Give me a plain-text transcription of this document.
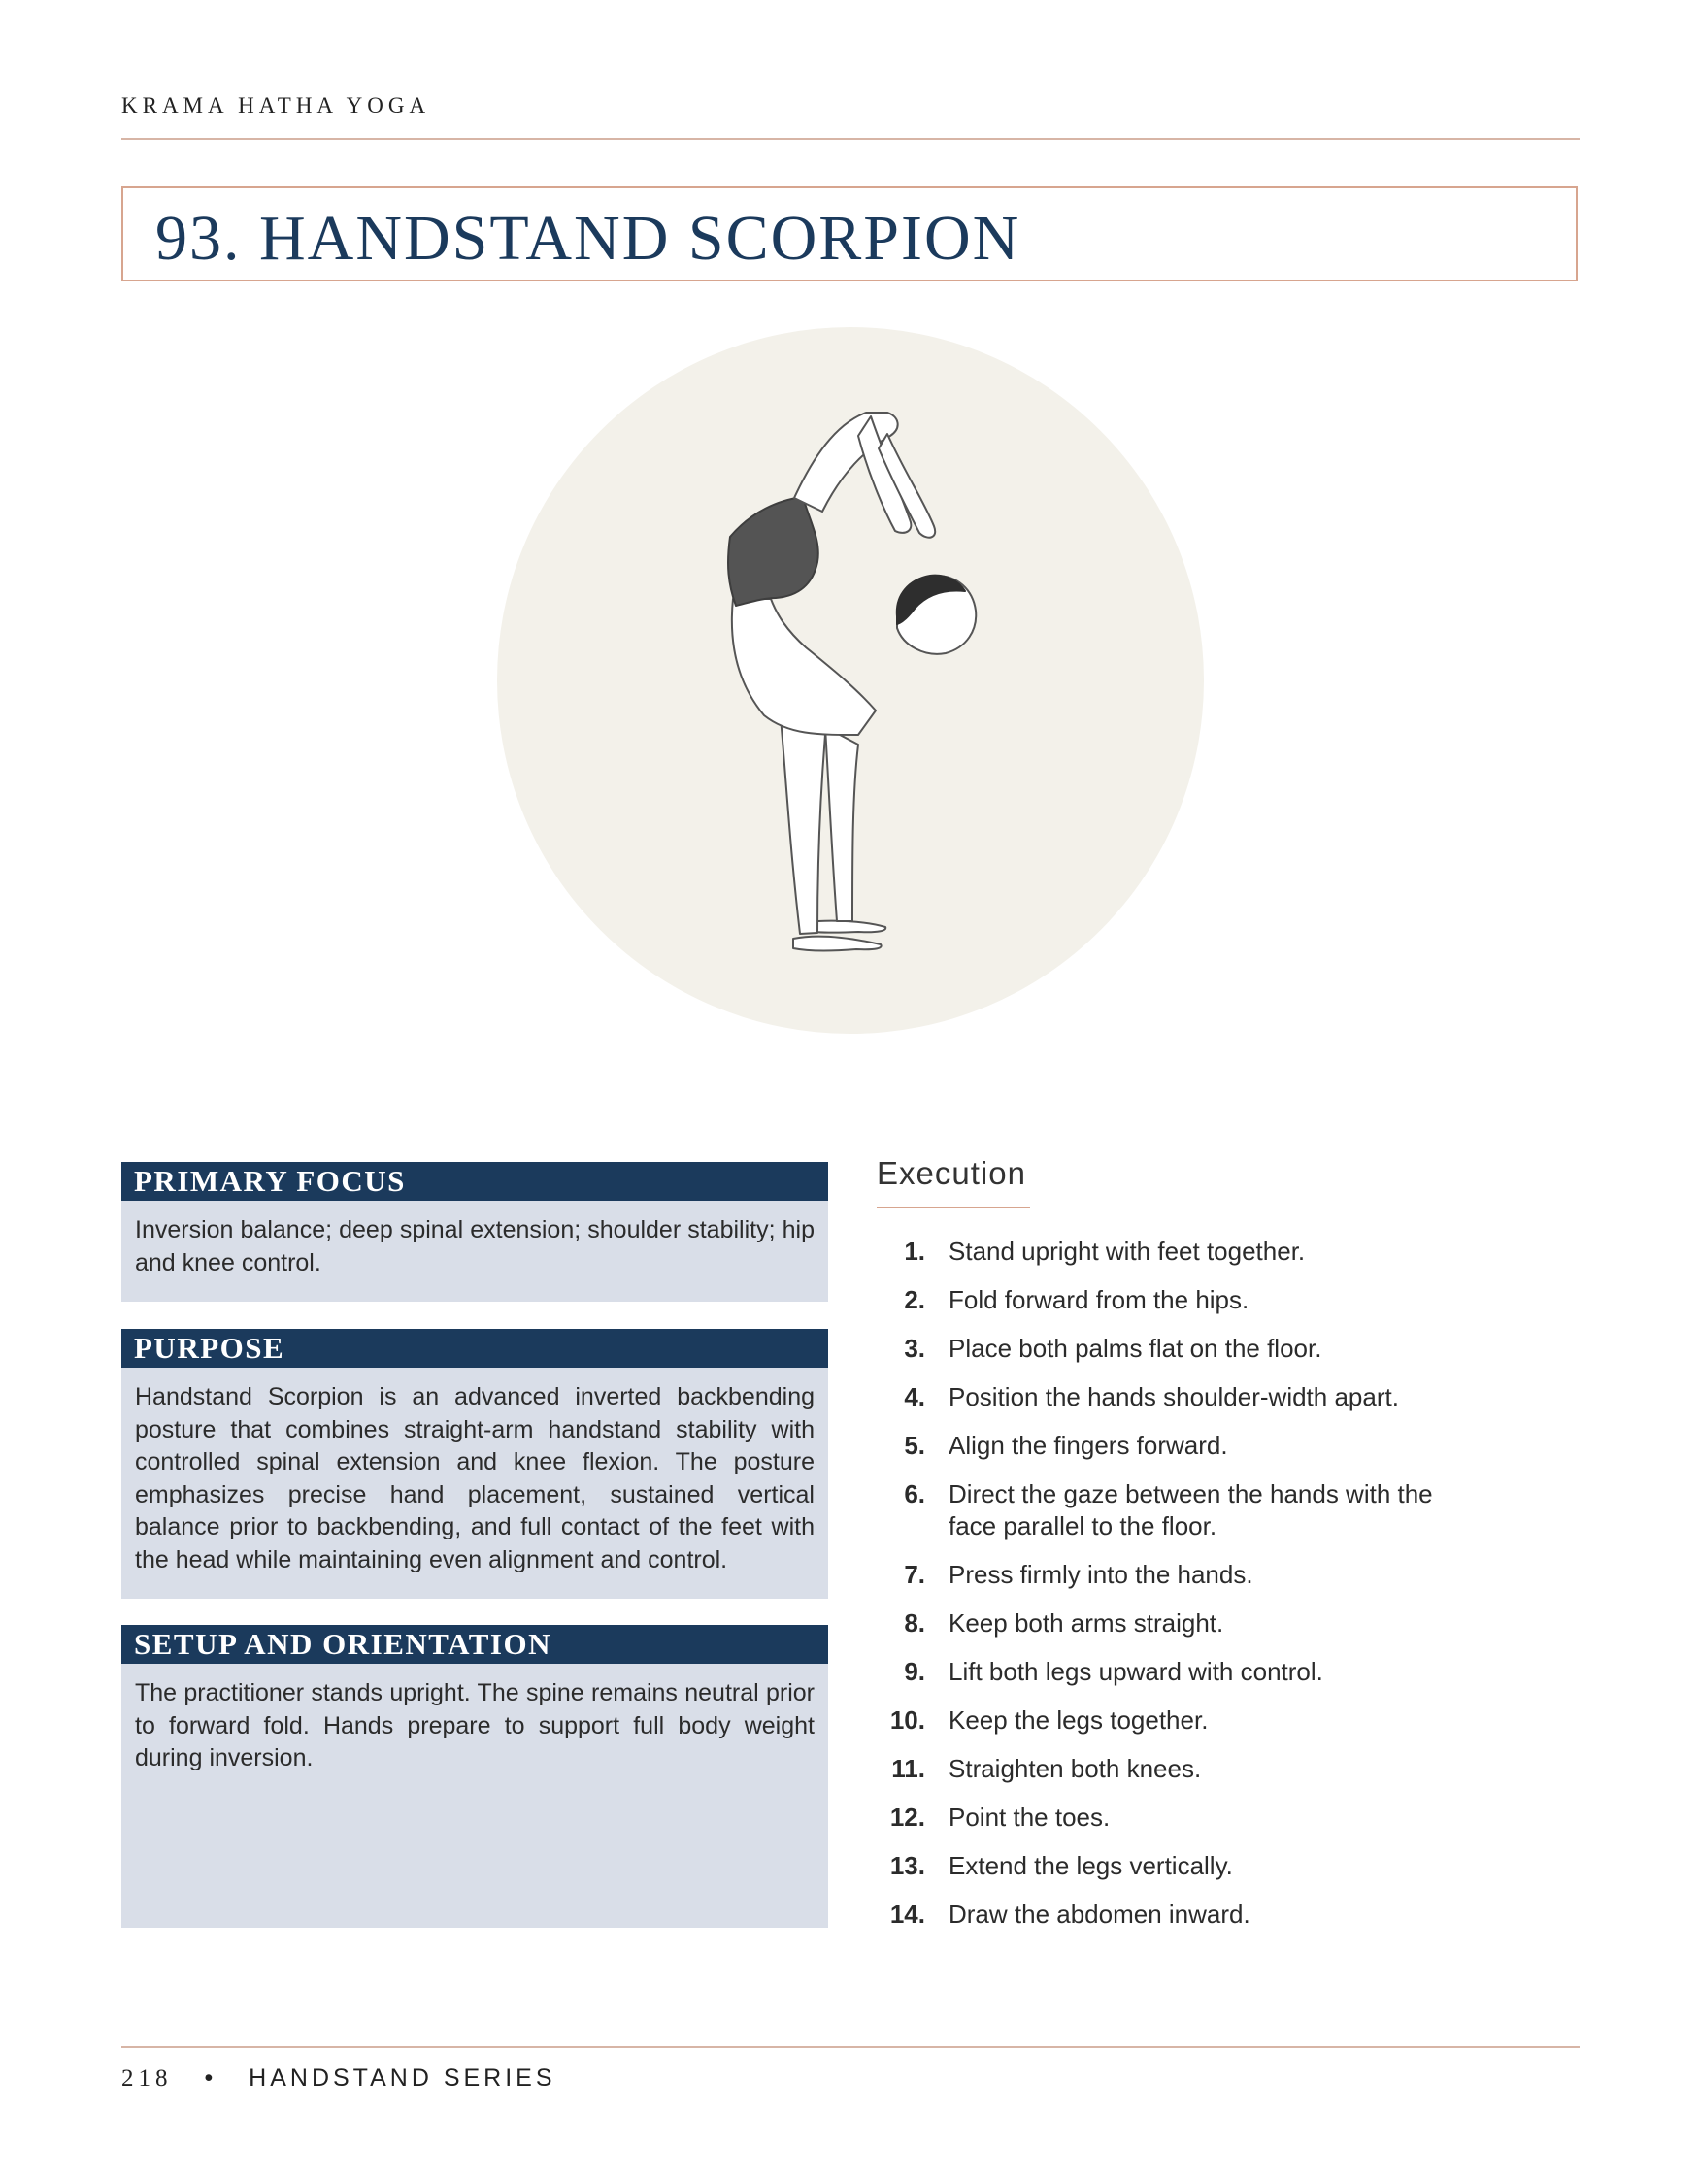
KRAMA HATHA YOGA
93. HANDSTAND SCORPION
PRIMARY FOCUS
Inversion balance; deep spinal extension; shoulder stability; hip and knee control.
PURPOSE
Handstand Scorpion is an advanced inverted backbending posture that combines straight-arm handstand stability with controlled spinal extension and knee flexion. The posture emphasizes precise hand placement, sustained vertical balance prior to backbending, and full contact of the feet with the head while maintaining even alignment and control.
SETUP AND ORIENTATION
The practitioner stands upright. The spine remains neutral prior to forward fold. Hands prepare to support full body weight during inversion.
Execution
1. Stand upright with feet together.
2. Fold forward from the hips.
3. Place both palms flat on the floor.
4. Position the hands shoulder-width apart.
5. Align the fingers forward.
6. Direct the gaze between the hands with the face parallel to the floor.
7. Press firmly into the hands.
8. Keep both arms straight.
9. Lift both legs upward with control.
10. Keep the legs together.
11. Straighten both knees.
12. Point the toes.
13. Extend the legs vertically.
14. Draw the abdomen inward.
218 • HANDSTAND SERIES
